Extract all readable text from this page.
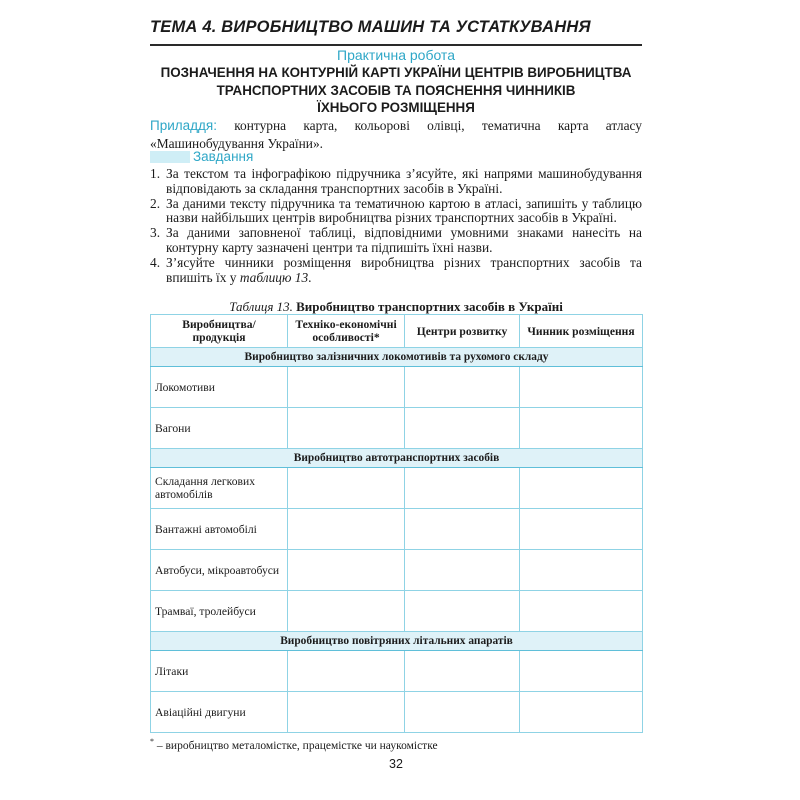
ТЕМА 4. ВИРОБНИЦТВО МАШИН ТА УСТАТКУВАННЯ
Практична робота
ПОЗНАЧЕННЯ НА КОНТУРНІЙ КАРТІ УКРАЇНИ ЦЕНТРІВ ВИРОБНИЦТВА
ТРАНСПОРТНИХ ЗАСОБІВ ТА ПОЯСНЕННЯ ЧИННИКІВ
ЇХНЬОГО РОЗМІЩЕННЯ
Приладдя: контурна карта, кольорові олівці, тематична карта атласу «Машинобудування України».
Завдання
1. За текстом та інфографікою підручника з’ясуйте, які напрями машинобудування відповідають за складання транспортних засобів в Україні.
2. За даними тексту підручника та тематичною картою в атласі, запишіть у таблицю назви найбільших центрів виробництва різних транспортних засобів в Україні.
3. За даними заповненої таблиці, відповідними умовними знаками нанесіть на контурну карту зазначені центри та підпишіть їхні назви.
4. З’ясуйте чинники розміщення виробництва різних транспортних засобів та впишіть їх у таблицю 13.
Таблиця 13. Виробництво транспортних засобів в Україні
Виробництва/ продукція	Техніко-економічні особливості*	Центри розвитку	Чинник розміщення
Виробництво залізничних локомотивів та рухомого складу			
Локомотиви			
Вагони			
Виробництво автотранспортних засобів			
Складання легкових автомобілів			
Вантажні автомобілі			
Автобуси, мікроавтобуси			
Трамваї, тролейбуси			
Виробництво повітряних літальних апаратів			
Літаки			
Авіаційні двигуни			
* – виробництво металомістке, працемістке чи наукомістке
32
